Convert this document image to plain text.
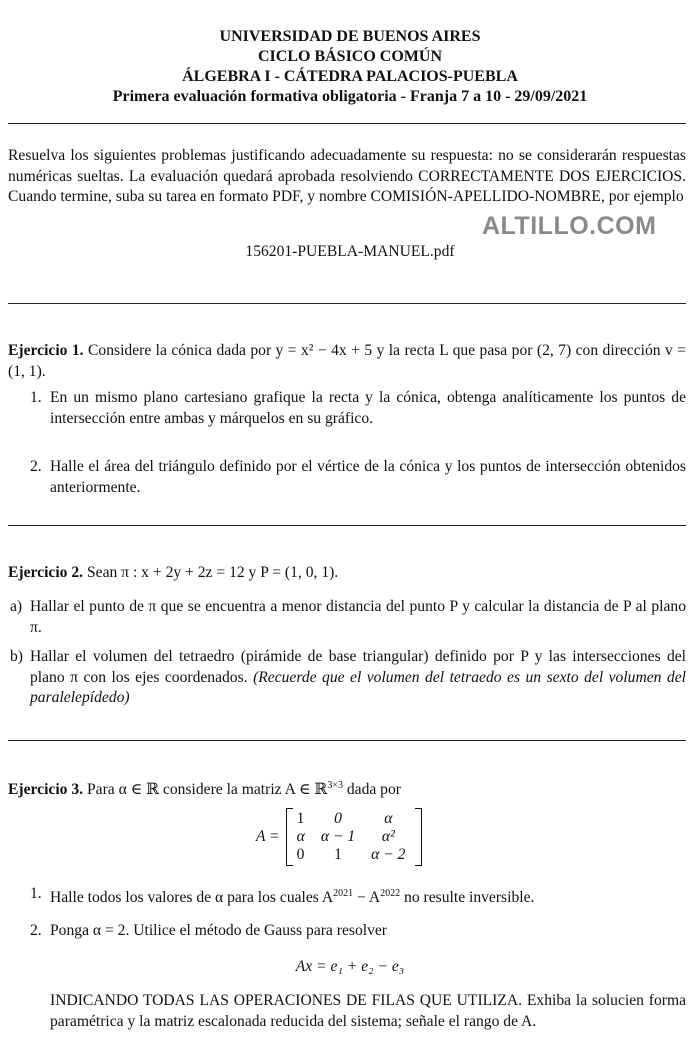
UNIVERSIDAD DE BUENOS AIRES
CICLO BÁSICO COMÚN
ÁLGEBRA I - CÁTEDRA PALACIOS-PUEBLA
Primera evaluación formativa obligatoria - Franja 7 a 10 - 29/09/2021
Resuelva los siguientes problemas justificando adecuadamente su respuesta: no se considerarán respuestas numéricas sueltas. La evaluación quedará aprobada resolviendo CORRECTAMENTE DOS EJERCICIOS. Cuando termine, suba su tarea en formato PDF, y nombre COMISIÓN-APELLIDO-NOMBRE, por ejemplo
ALTILLO.COM
156201-PUEBLA-MANUEL.pdf
Ejercicio 1. Considere la cónica dada por y = x² − 4x + 5 y la recta L que pasa por (2, 7) con dirección v = (1, 1).
1. En un mismo plano cartesiano grafique la recta y la cónica, obtenga analíticamente los puntos de intersección entre ambas y márquelos en su gráfico.
2. Halle el área del triángulo definido por el vértice de la cónica y los puntos de intersección obtenidos anteriormente.
Ejercicio 2. Sean π : x + 2y + 2z = 12 y P = (1, 0, 1).
a) Hallar el punto de π que se encuentra a menor distancia del punto P y calcular la distancia de P al plano π.
b) Hallar el volumen del tetraedro (pirámide de base triangular) definido por P y las intersecciones del plano π con los ejes coordenados. (Recuerde que el volumen del tetraedo es un sexto del volumen del paralelepídedo)
Ejercicio 3. Para α ∈ ℝ considere la matriz A ∈ ℝ$^{3\times 3}$ dada por
A =
1	0	α
α	α − 1	α²
0	1	α − 2
1. Halle todos los valores de α para los cuales $A^{2021} - A^{2022}$ no resulte inversible.
2. Ponga α = 2. Utilice el método de Gauss para resolver
Ax = e₁ + e₂ − e₃
INDICANDO TODAS LAS OPERACIONES DE FILAS QUE UTILIZA. Exhiba la solucien forma paramétrica y la matriz escalonada reducida del sistema; señale el rango de A.
